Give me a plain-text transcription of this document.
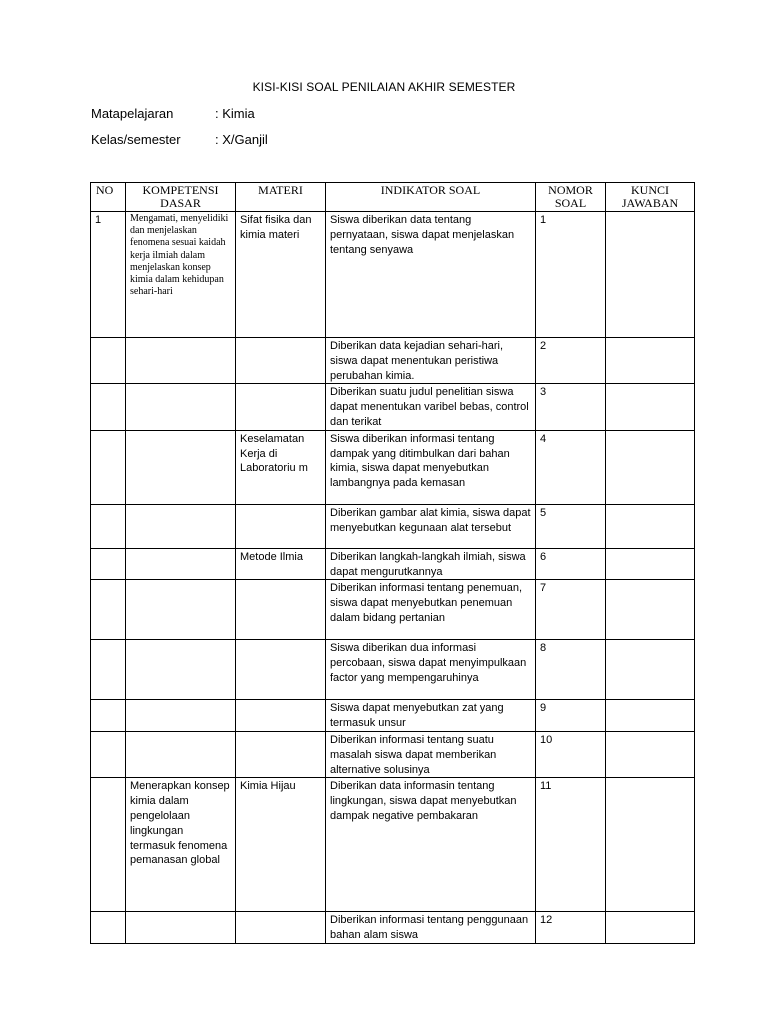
KISI-KISI SOAL PENILAIAN AKHIR SEMESTER
Matapelajaran	: Kimia
Kelas/semester	: X/Ganjil
NO	KOMPETENSI DASAR	MATERI	INDIKATOR SOAL	NOMOR SOAL	KUNCI JAWABAN
1	Mengamati, menyelidiki dan menjelaskan fenomena sesuai kaidah kerja ilmiah dalam menjelaskan konsep kimia dalam kehidupan sehari-hari	Sifat fisika dan kimia materi	Siswa diberikan data tentang pernyataan, siswa dapat menjelaskan tentang senyawa	1	
			Diberikan data kejadian sehari-hari, siswa dapat menentukan peristiwa perubahan kimia.	2	
			Diberikan suatu judul penelitian siswa dapat menentukan varibel bebas, control dan terikat	3	
		Keselamatan Kerja di Laboratoriu m	Siswa diberikan informasi tentang dampak yang ditimbulkan dari bahan kimia, siswa dapat menyebutkan lambangnya pada kemasan	4	
			Diberikan gambar alat kimia, siswa dapat menyebutkan kegunaan alat tersebut	5	
		Metode Ilmia	Diberikan langkah-langkah ilmiah, siswa dapat mengurutkannya	6	
			Diberikan informasi tentang penemuan, siswa dapat menyebutkan penemuan dalam bidang pertanian	7	
			Siswa diberikan dua informasi percobaan, siswa dapat menyimpulkaan factor yang mempengaruhinya	8	
			Siswa dapat menyebutkan zat yang termasuk unsur	9	
			Diberikan informasi tentang suatu masalah siswa dapat memberikan alternative solusinya	10	
	Menerapkan konsep kimia dalam pengelolaan lingkungan termasuk fenomena pemanasan global	Kimia Hijau	Diberikan data informasin tentang lingkungan, siswa dapat menyebutkan dampak negative pembakaran	11	
			Diberikan informasi tentang penggunaan bahan alam siswa	12	
